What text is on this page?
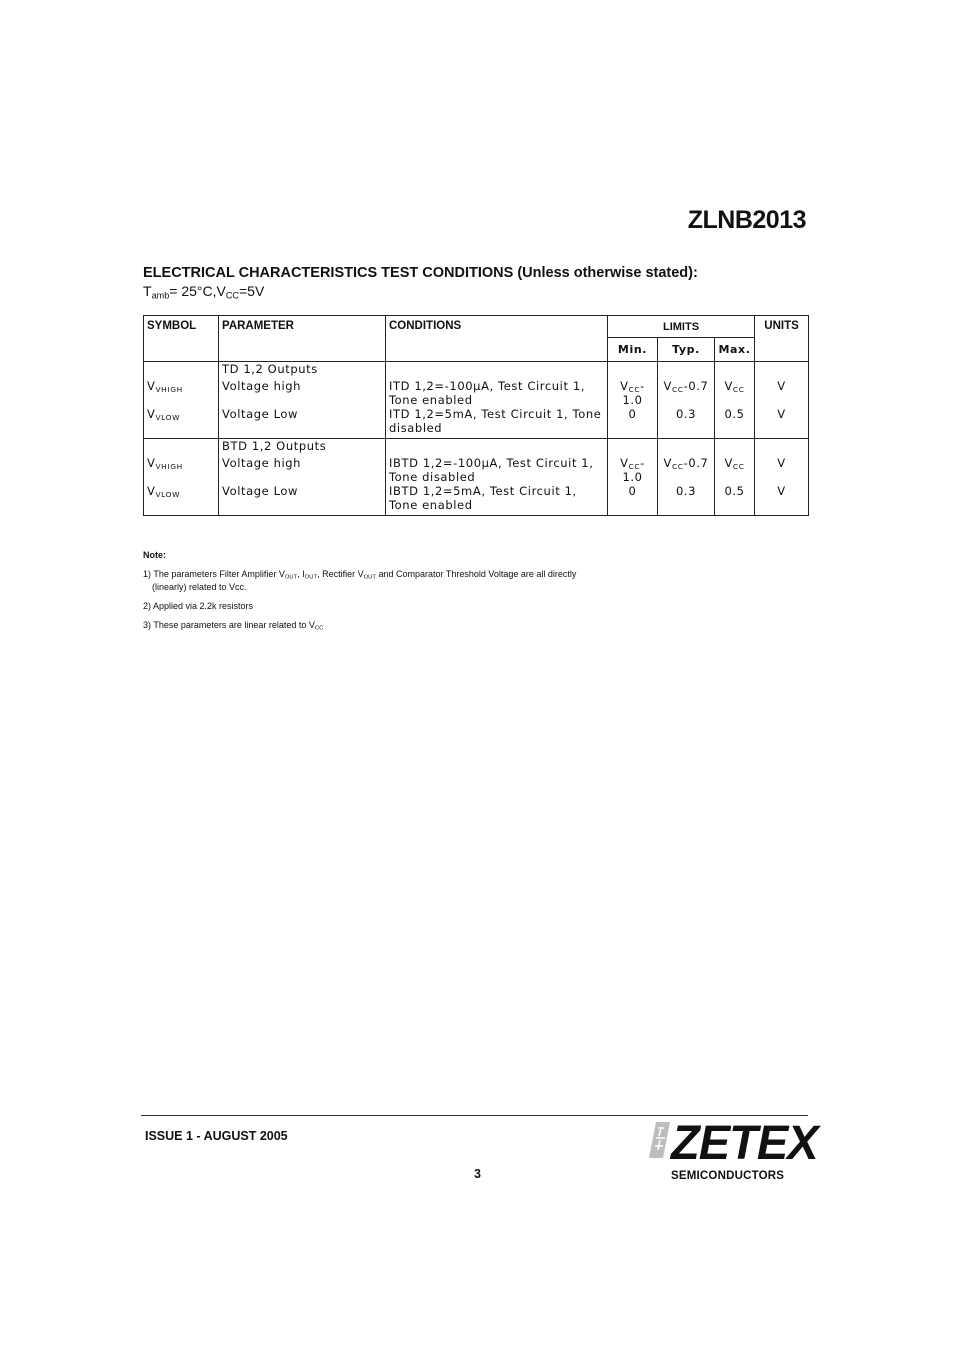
ZLNB2013
ELECTRICAL CHARACTERISTICS TEST CONDITIONS (Unless otherwise stated):
$T_{amb}= 25^\circ C,V_{CC}=5V$
SYMBOL	PARAMETER	CONDITIONS	LIMITS			UNITS
			Min.	Typ.	Max.	
	TD 1,2 Outputs					
$V_{VHIGH}$	Voltage high	ITD 1,2=-100µA, Test Circuit 1, Tone enabled	$V_{CC}-1.0$	$V_{CC}-0.7$	$V_{CC}$	V
$V_{VLOW}$	Voltage Low	ITD 1,2=5mA, Test Circuit 1, Tone disabled	0	0.3	0.5	V
	BTD 1,2 Outputs					
$V_{VHIGH}$	Voltage high	IBTD 1,2=-100µA, Test Circuit 1, Tone disabled	$V_{CC}-1.0$	$V_{CC}-0.7$	$V_{CC}$	V
$V_{VLOW}$	Voltage Low	IBTD 1,2=5mA, Test Circuit 1, Tone enabled	0	0.3	0.5	V
Note:
1) The parameters Filter Amplifier $V_{OUT}$, $I_{OUT}$, Rectifier $V_{OUT}$ and Comparator Threshold Voltage are all directly
(linearly) related to Vcc.
2) Applied via 2.2k resistors
3) These parameters are linear related to $V_{CC}$
ISSUE 1 - AUGUST 2005
3
ZETEX
SEMICONDUCTORS
